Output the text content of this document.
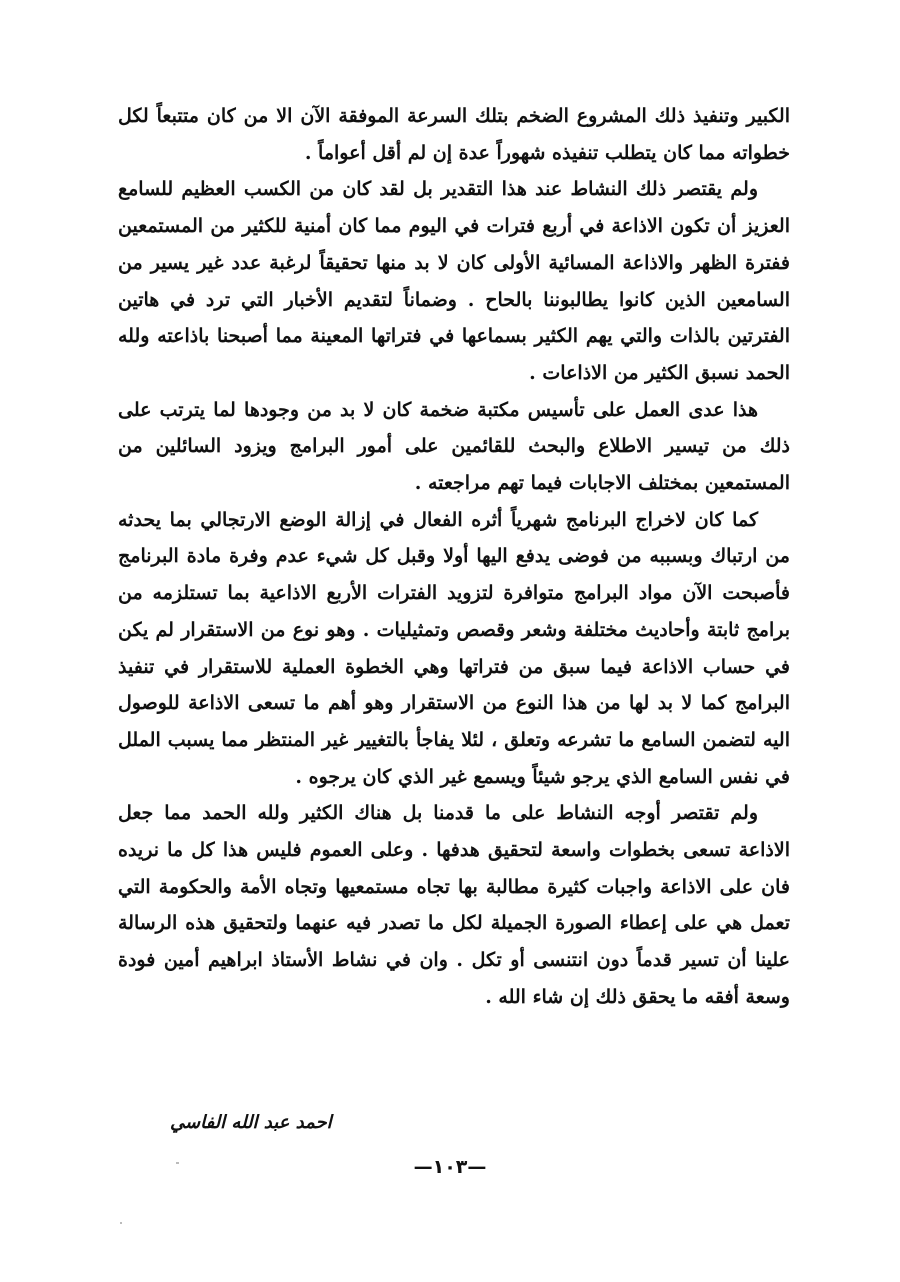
الكبير وتنفيذ ذلك المشروع الضخم بتلك السرعة الموفقة الآن الا من كان متتبعاً لكل خطواته مما كان يتطلب تنفيذه شهوراً عدة إن لم أقل أعواماً .

ولم يقتصر ذلك النشاط عند هذا التقدير بل لقد كان من الكسب العظيم للسامع العزيز أن تكون الاذاعة في أربع فترات في اليوم مما كان أمنية للكثير من المستمعين ففترة الظهر والاذاعة المسائية الأولى كان لا بد منها تحقيقاً لرغبة عدد غير يسير من السامعين الذين كانوا يطالبوننا بالحاح . وضماناً لتقديم الأخبار التي ترد في هاتين الفترتين بالذات والتي يهم الكثير بسماعها في فتراتها المعينة مما أصبحنا باذاعته ولله الحمد نسبق الكثير من الاذاعات .

هذا عدى العمل على تأسيس مكتبة ضخمة كان لا بد من وجودها لما يترتب على ذلك من تيسير الاطلاع والبحث للقائمين على أمور البرامج ويزود السائلين من المستمعين بمختلف الاجابات فيما تهم مراجعته .

كما كان لاخراج البرنامج شهرياً أثره الفعال في إزالة الوضع الارتجالي بما يحدثه من ارتباك وبسببه من فوضى يدفع اليها أولا وقبل كل شيء عدم وفرة مادة البرنامج فأصبحت الآن مواد البرامج متوافرة لتزويد الفترات الأربع الاذاعية بما تستلزمه من برامج ثابتة وأحاديث مختلفة وشعر وقصص وتمثيليات . وهو نوع من الاستقرار لم يكن في حساب الاذاعة فيما سبق من فتراتها وهي الخطوة العملية للاستقرار في تنفيذ البرامج كما لا بد لها من هذا النوع من الاستقرار وهو أهم ما تسعى الاذاعة للوصول اليه لتضمن السامع ما تشرعه وتعلق ، لئلا يفاجأ بالتغيير غير المنتظر مما يسبب الملل في نفس السامع الذي يرجو شيئاً ويسمع غير الذي كان يرجوه .

ولم تقتصر أوجه النشاط على ما قدمنا بل هناك الكثير ولله الحمد مما جعل الاذاعة تسعى بخطوات واسعة لتحقيق هدفها . وعلى العموم فليس هذا كل ما نريده فان على الاذاعة واجبات كثيرة مطالبة بها تجاه مستمعيها وتجاه الأمة والحكومة التي تعمل هي على إعطاء الصورة الجميلة لكل ما تصدر فيه عنهما ولتحقيق هذه الرسالة علينا أن تسير قدماً دون انتنسى أو تكل . وان في نشاط الأستاذ ابراهيم أمين فودة وسعة أفقه ما يحقق ذلك إن شاء الله .

احمد عبد الله الفاسي
—١٠٣—
